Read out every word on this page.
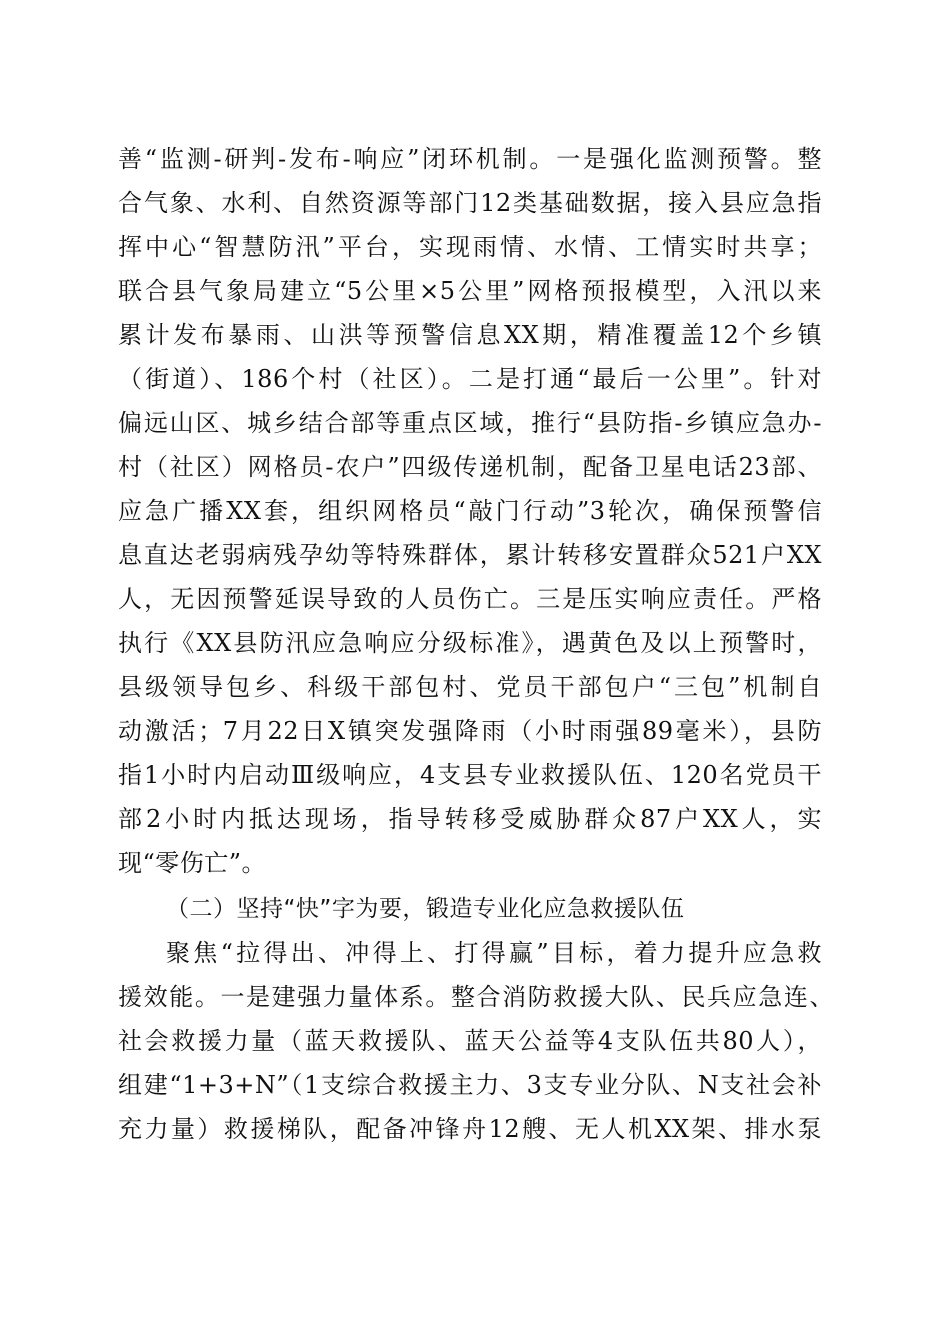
善“监测-研判-发布-响应”闭环机制。一是强化监测预警。整
合气象、水利、自然资源等部门12类基础数据，接入县应急指
挥中心“智慧防汛”平台，实现雨情、水情、工情实时共享；
联合县气象局建立“5公里×5公里”网格预报模型，入汛以来
累计发布暴雨、山洪等预警信息XX期，精准覆盖12个乡镇
（街道）、186个村（社区）。二是打通“最后一公里”。针对
偏远山区、城乡结合部等重点区域，推行“县防指-乡镇应急办-
村（社区）网格员-农户”四级传递机制，配备卫星电话23部、
应急广播XX套，组织网格员“敲门行动”3轮次，确保预警信
息直达老弱病残孕幼等特殊群体，累计转移安置群众521户XX
人，无因预警延误导致的人员伤亡。三是压实响应责任。严格
执行《XX县防汛应急响应分级标准》，遇黄色及以上预警时，
县级领导包乡、科级干部包村、党员干部包户“三包”机制自
动激活；7月22日X镇突发强降雨（小时雨强89毫米），县防
指1小时内启动Ⅲ级响应，4支县专业救援队伍、120名党员干
部2小时内抵达现场，指导转移受威胁群众87户XX人，实
现“零伤亡”。
（二）坚持“快”字为要，锻造专业化应急救援队伍
聚焦“拉得出、冲得上、打得赢”目标，着力提升应急救
援效能。一是建强力量体系。整合消防救援大队、民兵应急连、
社会救援力量（蓝天救援队、蓝天公益等4支队伍共80人），
组建“1+3+N”（1支综合救援主力、3支专业分队、N支社会补
充力量）救援梯队，配备冲锋舟12艘、无人机XX架、排水泵
